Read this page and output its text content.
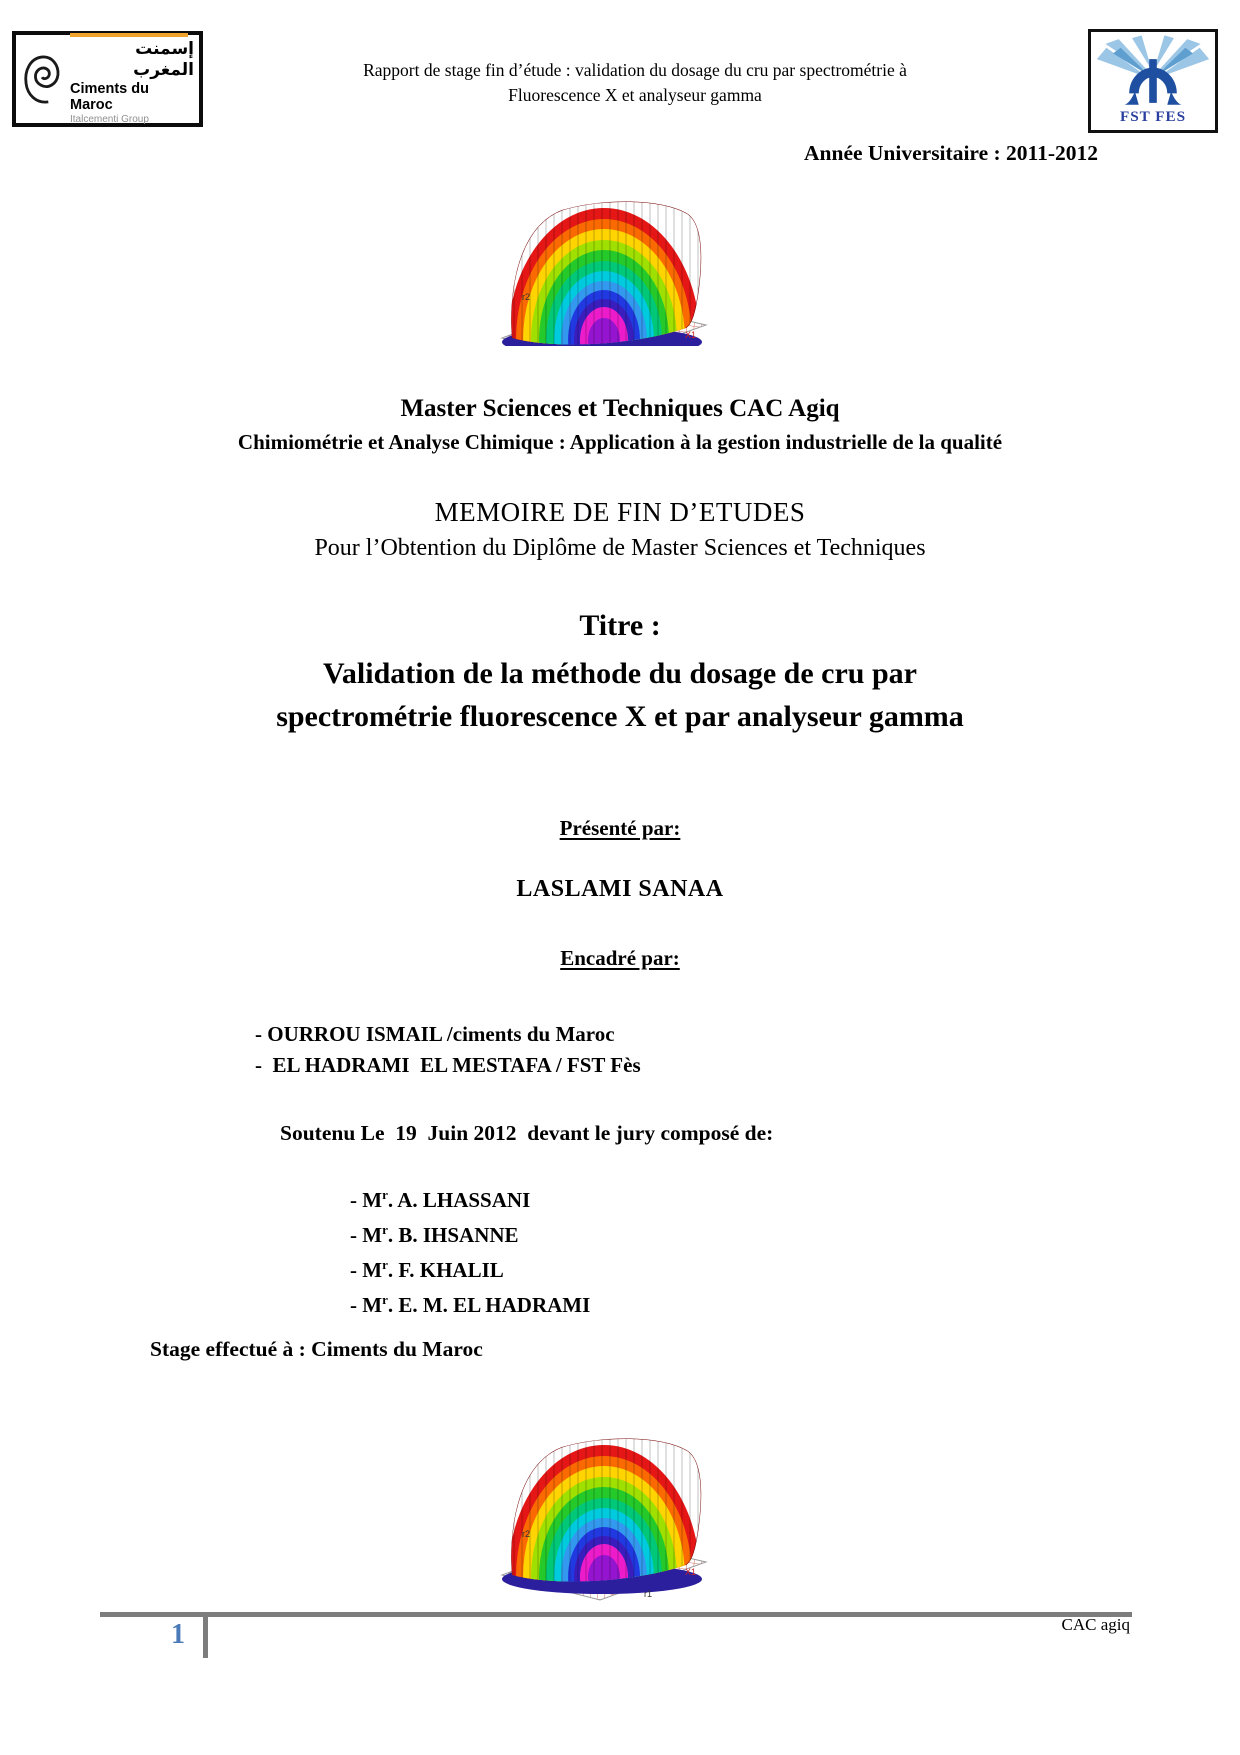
إسمنت المغرب
Ciments du Maroc
Italcementi Group
Rapport de stage fin d’étude : validation du dosage du cru par spectrométrie à
Fluorescence X et analyseur gamma
FST FES
Année Universitaire : 2011-2012
Master Sciences et Techniques CAC Agiq
Chimiométrie et Analyse Chimique : Application à la gestion industrielle de la qualité
MEMOIRE DE FIN D’ETUDES
Pour l’Obtention du Diplôme de Master Sciences et Techniques
Titre :
Validation de la méthode du dosage de cru par
spectrométrie fluorescence X et par analyseur gamma
Présenté par:
LASLAMI SANAA
Encadré par:
- OURROU ISMAIL /ciments du Maroc
-  EL HADRAMI  EL MESTAFA / FST Fès
Soutenu Le  19  Juin 2012  devant le jury composé de:
- $M^r$. A. LHASSANI
- $M^r$. B. IHSANNE
- $M^r$. F. KHALIL
- $M^r$. E. M. EL HADRAMI
Stage effectué à : Ciments du Maroc
1	CAC agiq
